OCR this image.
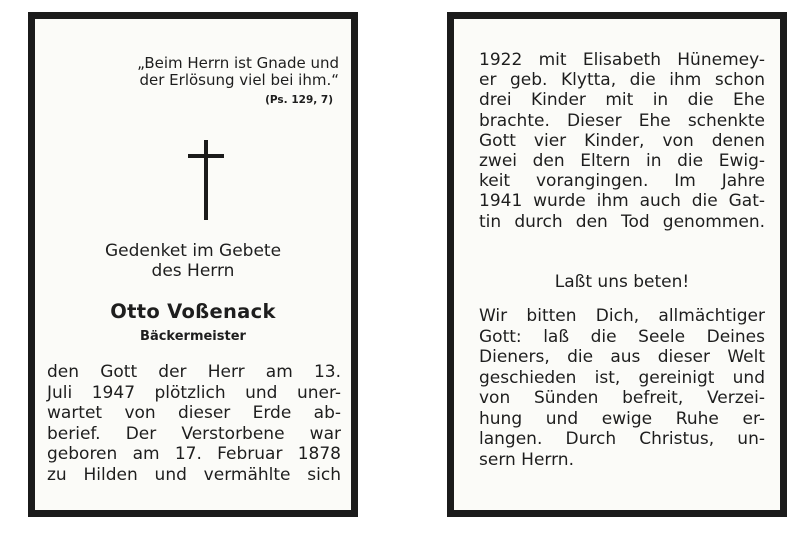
„Beim Herrn ist Gnade und
der Erlösung viel bei ihm.“
(Ps. 129, 7)
Gedenket im Gebete
des Herrn
Otto Voßenack
Bäckermeister
den Gott der Herr am 13.
Juli 1947 plötzlich und uner-
wartet von dieser Erde ab-
berief. Der Verstorbene war
geboren am 17. Februar 1878
zu Hilden und vermählte sich
1922 mit Elisabeth Hünemey-
er geb. Klytta, die ihm schon
drei Kinder mit in die Ehe
brachte. Dieser Ehe schenkte
Gott vier Kinder, von denen
zwei den Eltern in die Ewig-
keit vorangingen. Im Jahre
1941 wurde ihm auch die Gat-
tin durch den Tod genommen.
Laßt uns beten!
Wir bitten Dich, allmächtiger
Gott: laß die Seele Deines
Dieners, die aus dieser Welt
geschieden ist, gereinigt und
von Sünden befreit, Verzei-
hung und ewige Ruhe er-
langen. Durch Christus, un-
sern Herrn.
